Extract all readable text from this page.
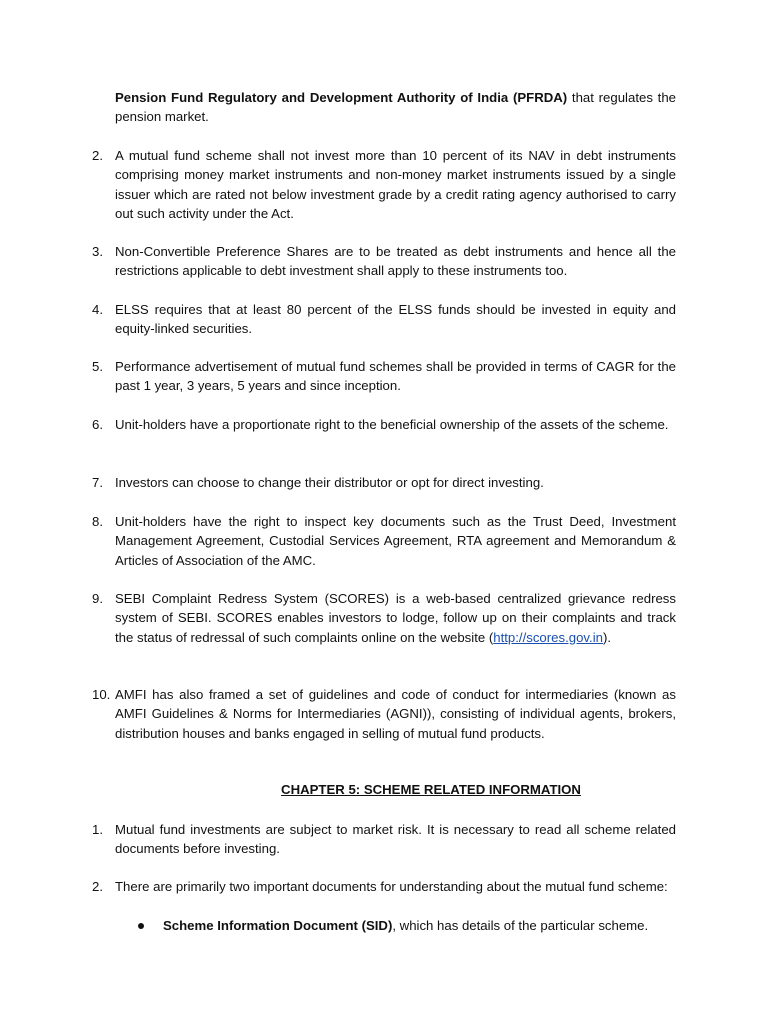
Pension Fund Regulatory and Development Authority of India (PFRDA) that regulates the pension market.

2. A mutual fund scheme shall not invest more than 10 percent of its NAV in debt instruments comprising money market instruments and non-money market instruments issued by a single issuer which are rated not below investment grade by a credit rating agency authorised to carry out such activity under the Act.
3. Non-Convertible Preference Shares are to be treated as debt instruments and hence all the restrictions applicable to debt investment shall apply to these instruments too.
4. ELSS requires that at least 80 percent of the ELSS funds should be invested in equity and equity-linked securities.
5. Performance advertisement of mutual fund schemes shall be provided in terms of CAGR for the past 1 year, 3 years, 5 years and since inception.
6. Unit-holders have a proportionate right to the beneficial ownership of the assets of the scheme.
7. Investors can choose to change their distributor or opt for direct investing.
8. Unit-holders have the right to inspect key documents such as the Trust Deed, Investment Management Agreement, Custodial Services Agreement, RTA agreement and Memorandum & Articles of Association of the AMC.
9. SEBI Complaint Redress System (SCORES) is a web-based centralized grievance redress system of SEBI. SCORES enables investors to lodge, follow up on their complaints and track the status of redressal of such complaints online on the website (http://scores.gov.in).
10. AMFI has also framed a set of guidelines and code of conduct for intermediaries (known as AMFI Guidelines & Norms for Intermediaries (AGNI)), consisting of individual agents, brokers, distribution houses and banks engaged in selling of mutual fund products.
CHAPTER 5: SCHEME RELATED INFORMATION
1. Mutual fund investments are subject to market risk. It is necessary to read all scheme related documents before investing.
2. There are primarily two important documents for understanding about the mutual fund scheme:
Scheme Information Document (SID), which has details of the particular scheme.
